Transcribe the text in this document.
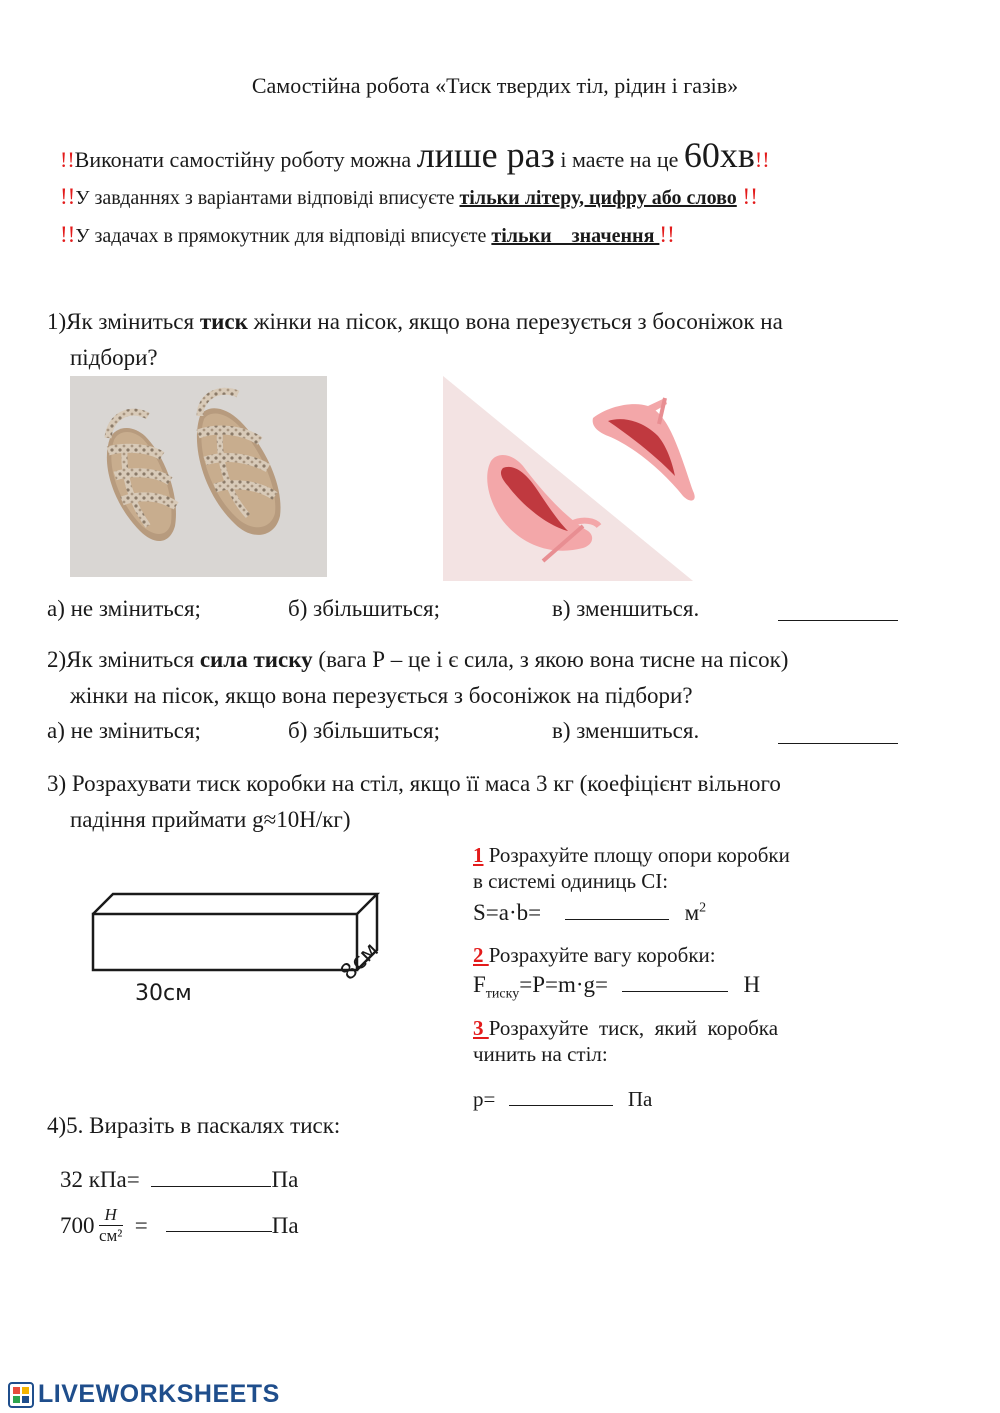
Самостійна робота «Тиск твердих тіл, рідин і газів»
!!Виконати самостійну роботу можна лише раз і маєте на це 60хв!!
!!У завданнях з варіантами відповіді вписуєте тільки літеру, цифру або слово !!
!!У задачах в прямокутник для відповіді вписуєте тільки    значення !!
1)Як зміниться тиск жінки на пісок, якщо вона перезується з босоніжок на
підбори?
а) не зміниться;	б) збільшиться;	в) зменшиться.
2)Як зміниться сила тиску (вага Р – це і є сила, з якою вона тисне на пісок)
жінки на пісок, якщо вона перезується з босоніжок на підбори?
а) не зміниться;	б) збільшиться;	в) зменшиться.
3) Розрахувати тиск коробки на стіл, якщо її маса 3 кг (коефіцієнт вільного
падіння приймати g≈10Н/кг)
30см
8см
1 Розрахуйте площу опори коробки
в системі одиниць СІ:
S=a·b=	$м^2$
2 Розрахуйте вагу коробки:
$F_{тиску}=P=m\cdot g=$	Н
3 Розрахуйте  тиск,  який  коробка
чинить на стіл:
p=	Па
4)5. Виразіть в паскалях тиск:
32 кПа=	Па
$700 \frac{Н}{\text{см²}}$ =	Па
LIVEWORKSHEETS
